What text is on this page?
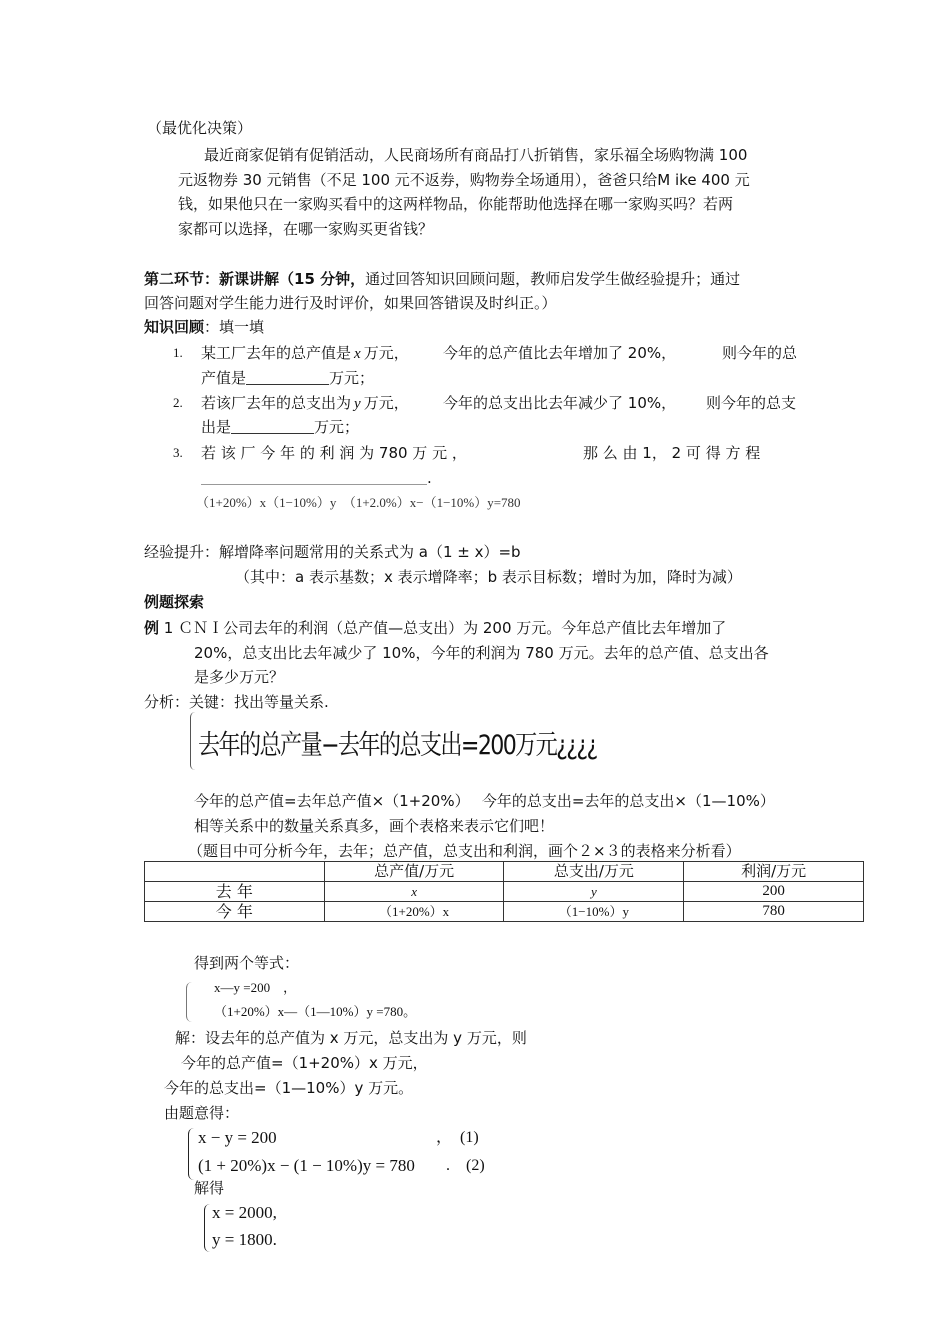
（最优化决策）
最近商家促销有促销活动，人民商场所有商品打八折销售，家乐福全场购物满 100
元返物券 30 元销售（不足 100 元不返券，购物券全场通用），爸爸只给M ike 400 元
钱，如果他只在一家购买看中的这两样物品，你能帮助他选择在哪一家购买吗？若两
家都可以选择，在哪一家购买更省钱？
第二环节：新课讲解（15 分钟，通过回答知识回顾问题，教师启发学生做经验提升；通过
回答问题对学生能力进行及时评价，如果回答错误及时纠正。）
知识回顾：填一填
1. 某工厂去年的总产值是 x 万元， 今年的总产值比去年增加了 20%，	则今年的总
产值是	万元；
2. 若该厂去年的总支出为 y 万元， 今年的总支出比去年减少了 10%， 则今年的总支
出是	万元；
3. 若 该 厂 今 年 的 利 润 为 780 万 元 ，	那 么 由 1， 2 可 得 方 程
.
（1+20%）x（1−10%）y　（1+2.0%）x−（1−10%）y=780
经验提升：解增降率问题常用的关系式为 a（1 ± x）=b
（其中：a 表示基数；x 表示增降率；b 表示目标数；增时为加，降时为减）
例题探索
例 1 ＣＮＩ公司去年的利润（总产值—总支出）为 200 万元。今年总产值比去年增加了
20%，总支出比去年减少了 10%，今年的利润为 780 万元。去年的总产值、总支出各
是多少万元？
分析：关键：找出等量关系.
去年的总产量−去年的总支出=200万元¿¿¿¿
今年的总产值=去年总产值×（1+20%）　 今年的总支出=去年的总支出×（1—10%）
相等关系中的数量关系真多，画个表格来表示它们吧！
（题目中可分析今年，去年；总产值，总支出和利润，画个２×３的表格来分析看）
	总产值/万元	总支出/万元	利润/万元
去 年	x	y	200
今 年	（1+20%）x	（1−10%）y	780
得到两个等式：
x—y =200　，
（1+20%）x—（1—10%）y =780。
解：设去年的总产值为 x 万元，总支出为 y 万元，则
今年的总产值=（1+20%）x 万元，
今年的总支出=（1—10%）y 万元。
由题意得：
x − y = 200	，　(1)
(1 + 20%)x − (1 − 10%)y = 780 .　(2)
解得
x = 2000,
y = 1800.
